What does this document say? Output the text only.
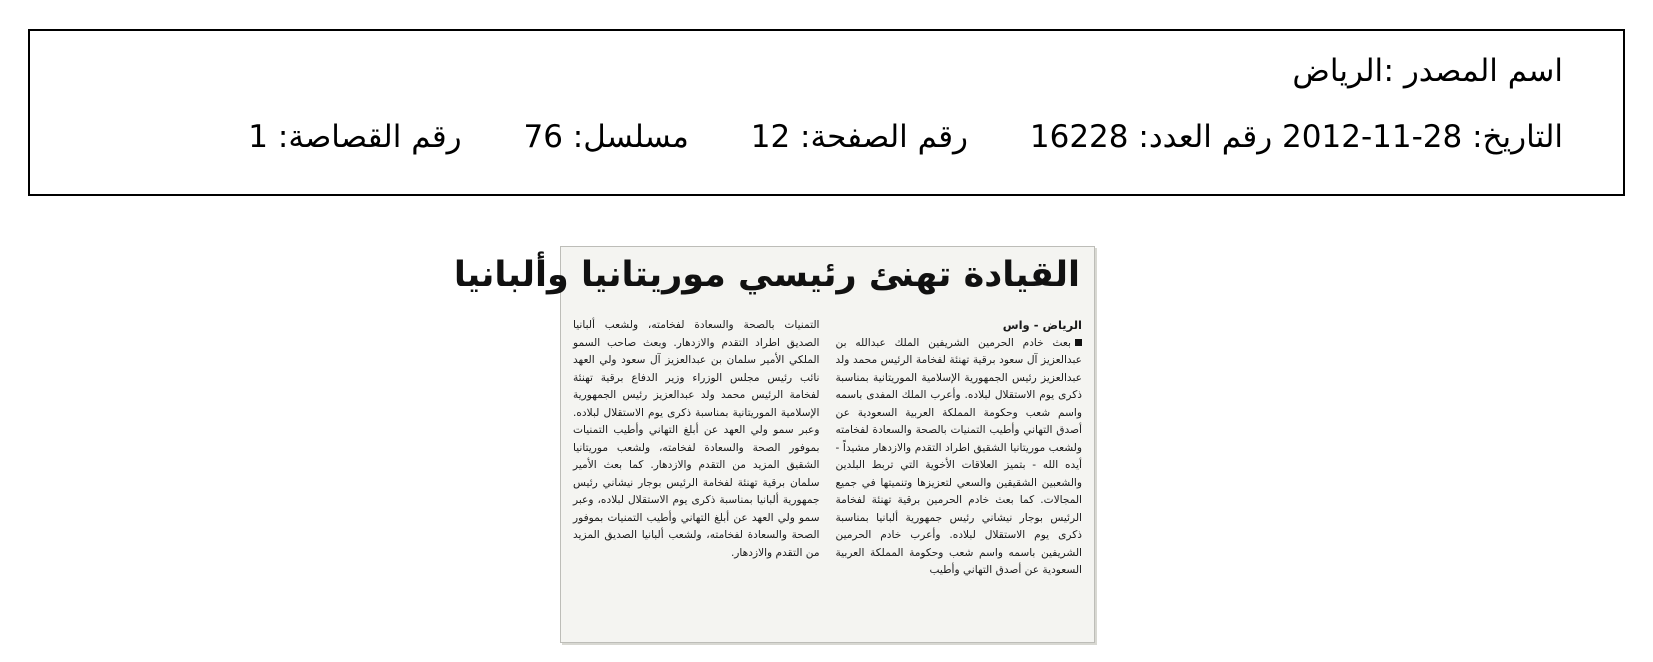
اسم المصدر : الرياض
التاريخ: 28-11-2012 رقم العدد: 16228 رقم الصفحة: 12 مسلسل: 76 رقم القصاصة: 1
القيادة تهنئ رئيسي موريتانيا وألبانيا
الرياض - واس
بعث خادم الحرمين الشريفين الملك عبدالله بن عبدالعزيز آل سعود برقية تهنئة لفخامة الرئيس محمد ولد عبدالعزيز رئيس الجمهورية الإسلامية الموريتانية بمناسبة ذكرى يوم الاستقلال لبلاده. وأعرب الملك المفدى باسمه واسم شعب وحكومة المملكة العربية السعودية عن أصدق التهاني وأطيب التمنيات بالصحة والسعادة لفخامته ولشعب موريتانيا الشقيق اطراد التقدم والازدهار مشيداً - أيده الله - بتميز العلاقات الأخوية التي تربط البلدين والشعبين الشقيقين والسعي لتعزيزها وتنميتها في جميع المجالات. كما بعث خادم الحرمين برقية تهنئة لفخامة الرئيس بوجار نيشاني رئيس جمهورية ألبانيا بمناسبة ذكرى يوم الاستقلال لبلاده. وأعرب خادم الحرمين الشريفين باسمه واسم شعب وحكومة المملكة العربية السعودية عن أصدق التهاني وأطيب
التمنيات بالصحة والسعادة لفخامته، ولشعب ألبانيا الصديق اطراد التقدم والازدهار. وبعث صاحب السمو الملكي الأمير سلمان بن عبدالعزيز آل سعود ولي العهد نائب رئيس مجلس الوزراء وزير الدفاع برقية تهنئة لفخامة الرئيس محمد ولد عبدالعزيز رئيس الجمهورية الإسلامية الموريتانية بمناسبة ذكرى يوم الاستقلال لبلاده. وعبر سمو ولي العهد عن أبلغ التهاني وأطيب التمنيات بموفور الصحة والسعادة لفخامته، ولشعب موريتانيا الشقيق المزيد من التقدم والازدهار. كما بعث الأمير سلمان برقية تهنئة لفخامة الرئيس بوجار نيشاني رئيس جمهورية ألبانيا بمناسبة ذكرى يوم الاستقلال لبلاده، وعبر سمو ولي العهد عن أبلغ التهاني وأطيب التمنيات بموفور الصحة والسعادة لفخامته، ولشعب ألبانيا الصديق المزيد من التقدم والازدهار.
